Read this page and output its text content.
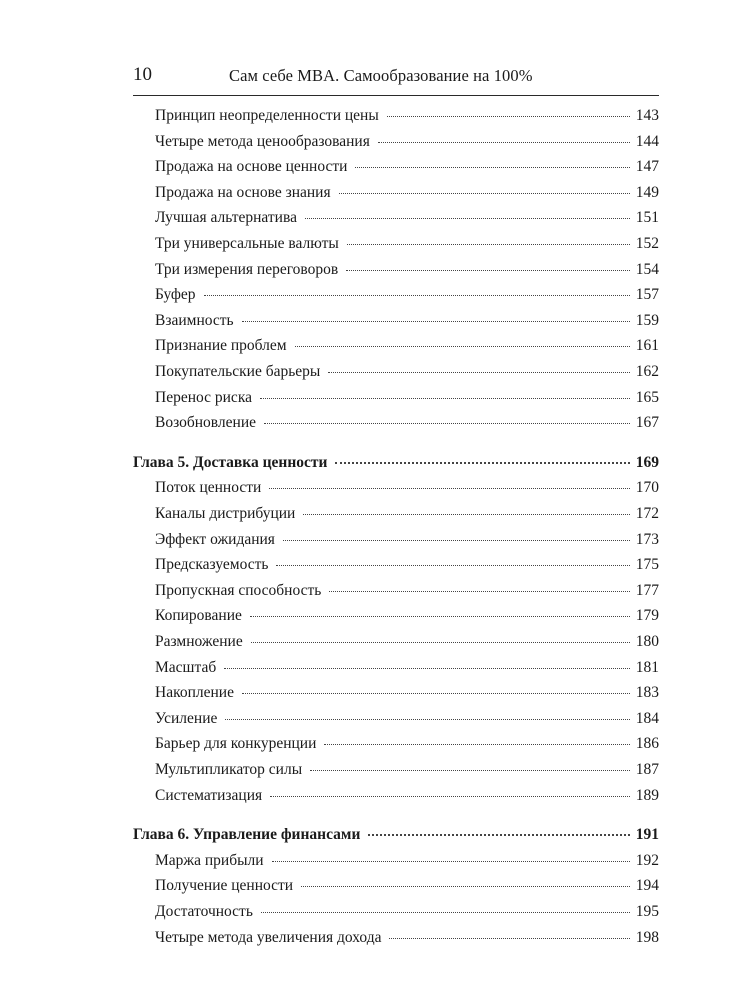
10	Сам себе MBA. Самообразование на 100%
Принцип неопределенности цены	143
Четыре метода ценообразования	144
Продажа на основе ценности	147
Продажа на основе знания	149
Лучшая альтернатива	151
Три универсальные валюты	152
Три измерения переговоров	154
Буфер	157
Взаимность	159
Признание проблем	161
Покупательские барьеры	162
Перенос риска	165
Возобновление	167
Глава 5. Доставка ценности	169
Поток ценности	170
Каналы дистрибуции	172
Эффект ожидания	173
Предсказуемость	175
Пропускная способность	177
Копирование	179
Размножение	180
Масштаб	181
Накопление	183
Усиление	184
Барьер для конкуренции	186
Мультипликатор силы	187
Систематизация	189
Глава 6. Управление финансами	191
Маржа прибыли	192
Получение ценности	194
Достаточность	195
Четыре метода увеличения дохода	198
